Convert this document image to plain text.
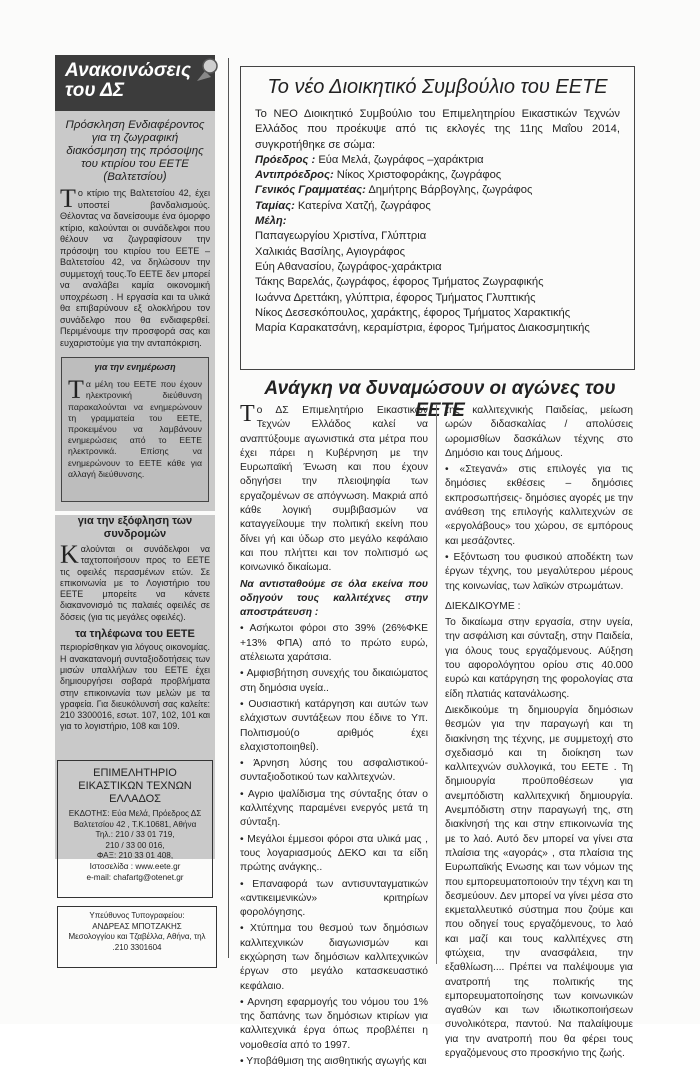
Ανακοινώσεις του ΔΣ
Πρόσκληση Ενδιαφέροντος για τη ζωγραφική διακόσμηση της πρόσοψης του κτιρίου του ΕΕΤΕ (Βαλτετσίου)
Το κτίριο της Βαλτετσίου 42, έχει υποστεί βανδαλισμούς. Θέλοντας να δανείσουμε ένα όμορφο κτίριο, καλούνται οι συνάδελφοι που θέλουν να ζωγραφίσουν την πρόσοψη του κτιρίου του ΕΕΤΕ –Βαλτετσίου 42, να δηλώσουν την συμμετοχή τους.Το ΕΕΤΕ δεν μπορεί να αναλάβει καμία οικονομική υποχρέωση . Η εργασία και τα υλικά θα επιβαρύνουν εξ ολοκλήρου τον συνάδελφο που θα ενδιαφερθεί. Περιμένουμε την προσφορά σας και ευχαριστούμε για την ανταπόκριση.
για την ενημέρωση
Τ α μέλη του ΕΕΤΕ που έχουν ηλεκτρονική διεύθυνση παρακαλούνται να ενημερώνουν τη γραμματεία του ΕΕΤΕ, προκειμένου να λαμβάνουν ενημερώσεις από το ΕΕΤΕ ηλεκτρονικά. Επίσης να ενημερώνουν το ΕΕΤΕ κάθε για αλλαγή διεύθυνσης.
για την εξόφληση των συνδρομών
Καλούνται οι συνάδελφοι να ταχτοποιήσουν προς το ΕΕΤΕ τις οφειλές περασμένων ετών. Σε επικοινωνία με το Λογιστήριο του ΕΕΤΕ μπορείτε να κάνετε διακανονισμό τις παλαιές οφειλές σε δόσεις (για τις μεγάλες οφειλές).
τα τηλέφωνα του ΕΕΤΕ
περιορίσθηκαν για λόγους οικονομίας. Η ανακατανομή συνταξιοδοτήσεις των μισών υπαλλήλων του ΕΕΤΕ έχει δημιουργήσει σοβαρά προβλήματα στην επικοινωνία των μελών με τα γραφεία. Για διευκόλυνσή σας καλείτε: 210 3300016, εσωτ. 107, 102, 101 και για το λογιστήριο, 108 και 109.
ΕΠΙΜΕΛΗΤΗΡΙΟ ΕΙΚΑΣΤΙΚΩΝ ΤΕΧΝΩΝ ΕΛΛΑΔΟΣ
ΕΚΔΟΤΗΣ: Εύα Μελά, Πρόεδρος ΔΣ
Βαλτετσίου 42 , Τ.Κ.10681, Αθήνα
Τηλ.: 210 / 33 01 719,
210 / 33 00 016,
ΦΑΞ: 210 33 01 408,
Ιστοσελίδα : www.eete.gr
e-mail: chafartg@otenet.gr
Υπεύθυνος Τυπογραφείου:
ΑΝΔΡΕΑΣ ΜΠΟΤΖΑΚΗΣ
Μεσολογγίου και Τζαβέλλα, Αθήνα, τηλ .210 3301604
Το νέο Διοικητικό Συμβούλιο του ΕΕΤΕ
Το ΝΕΟ Διοικητικό Συμβούλιο του Επιμελητηρίου Εικαστικών Τεχνών Ελλάδος που προέκυψε από τις εκλογές της 11ης Μαΐου 2014, συγκροτήθηκε σε σώμα:
Πρόεδρος : Εύα Μελά, ζωγράφος –χαράκτρια
Αντιπρόεδρος: Νίκος Χριστοφοράκης, ζωγράφος
Γενικός Γραμματέας: Δημήτρης Βάρβογλης, ζωγράφος
Ταμίας: Κατερίνα Χατζή, ζωγράφος
Μέλη:
Παπαγεωργίου Χριστίνα, Γλύπτρια
Χαλικιάς Βασίλης, Αγιογράφος
Εύη Αθανασίου, ζωγράφος-χαράκτρια
Τάκης Βαρελάς, ζωγράφος, έφορος Τμήματος Ζωγραφικής
Ιωάννα Δρεττάκη, γλύπτρια, έφορος Τμήματος Γλυπτικής
Νίκος Δεσεσκόπουλος, χαράκτης, έφορος Τμήματος Χαρακτικής
Μαρία Καρακατσάνη, κεραμίστρια, έφορος Τμήματος Διακοσμητικής
Ανάγκη να δυναμώσουν οι αγώνες του ΕΕΤΕ

Το ΔΣ Επιμελητήριο Εικαστικών Τεχνών Ελλάδος καλεί να αναπτύξουμε αγωνιστικά στα μέτρα που έχει πάρει η Κυβέρνηση με την Ευρωπαϊκή Ένωση και που έχουν οδηγήσει την πλειοψηφία των εργαζομένων σε απόγνωση. Μακριά από κάθε λογική συμβιβασμών να καταγγείλουμε την πολιτική εκείνη που δίνει γή και ύδωρ στο μεγάλο κεφάλαιο και που πλήττει και τον πολιτισμό ως κοινωνικό δικαίωμα.

Να αντισταθούμε σε όλα εκείνα που οδηγούν τους καλλιτέχνες στην αποστράτευση :

• Ασήκωτοι φόροι στο 39% (26%ΦΚΕ +13% ΦΠΑ) από το πρώτο ευρώ, ατέλειωτα χαράτσια.

• Αμφισβήτηση συνεχής του δικαιώματος στη δημόσια υγεία..

• Ουσιαστική κατάργηση και αυτών των ελάχιστων συντάξεων που έδινε το Υπ. Πολιτισμού(ο αριθμός έχει ελαχιστοποιηθεί).

• Άρνηση λύσης του ασφαλιστικού- συνταξιοδοτικού των καλλιτεχνών.

• Αγριο ψαλίδισμα της σύνταξης όταν ο καλλιτέχνης παραμένει ενεργός μετά τη σύνταξη.

• Μεγάλοι έμμεσοι φόροι στα υλικά μας , τους λογαριασμούς ΔΕΚΟ και τα είδη πρώτης ανάγκης..

• Επαναφορά των αντισυνταγματικών «αντικειμενικών» κριτηρίων φορολόγησης.

• Χτύπημα του θεσμού των δημόσιων καλλιτεχνικών διαγωνισμών και εκχώρηση των δημόσιων καλλιτεχνικών έργων στο μεγάλο κατασκευαστικό κεφάλαιο.

• Αρνηση εφαρμογής του νόμου του 1% της δαπάνης των δημόσιων κτιρίων για καλλιτεχνικά έργα όπως προβλέπει η νομοθεσία από το 1997.

• Υποβάθμιση της αισθητικής αγωγής και

της καλλιτεχνικής Παιδείας, μείωση ωρών διδασκαλίας / απολύσεις ωρομισθίων δασκάλων τέχνης στο Δημόσιο και τους Δήμους.

• «Στεγανά» στις επιλογές για τις δημόσιες εκθέσεις – δημόσιες εκπροσωπήσεις- δημόσιες αγορές με την ανάθεση της επιλογής καλλιτεχνών σε «εργολάβους» του χώρου, σε εμπόρους και μεσάζοντες.

• Εξόντωση του φυσικού αποδέκτη των έργων τέχνης, του μεγαλύτερου μέρους της κοινωνίας, των λαϊκών στρωμάτων.

ΔΙΕΚΔΙΚΟΥΜΕ :

Το δικαίωμα στην εργασία, στην υγεία, την ασφάλιση και σύνταξη, στην Παιδεία, για όλους τους εργαζόμενους. Αύξηση του αφορολόγητου ορίου στις 40.000 ευρώ και κατάργηση της φορολογίας στα είδη πλατιάς κατανάλωσης.

Διεκδικούμε τη δημιουργία δημόσιων θεσμών για την παραγωγή και τη διακίνηση της τέχνης, με συμμετοχή στο σχεδιασμό και τη διοίκηση των καλλιτεχνών συλλογικά, του ΕΕΤΕ . Τη δημιουργία προϋποθέσεων για ανεμπόδιστη καλλιτεχνική δημιουργία. Ανεμπόδιστη στην παραγωγή της, στη διακίνησή της και στην επικοινωνία της με το λαό. Αυτό δεν μπορεί να γίνει στα πλαίσια της «αγοράς» , στα πλαίσια της Ευρωπαϊκής Ενωσης και των νόμων της που εμπορευματοποιούν την τέχνη και τη δεσμεύουν. Δεν μπορεί να γίνει μέσα στο εκμεταλλευτικό σύστημα που ζούμε και που οδηγεί τους εργαζόμενους, το λαό και μαζί και τους καλλιτέχνες στη φτώχεια, την ανασφάλεια, την εξαθλίωση.... Πρέπει να παλέψουμε για ανατροπή της πολιτικής της εμπορευματοποίησης των κοινωνικών αγαθών και των ιδιωτικοποιήσεων συνολικότερα, παντού. Να παλαίψουμε για την ανατροπή που θα φέρει τους εργαζόμενους στο προσκήνιο της ζωής.
